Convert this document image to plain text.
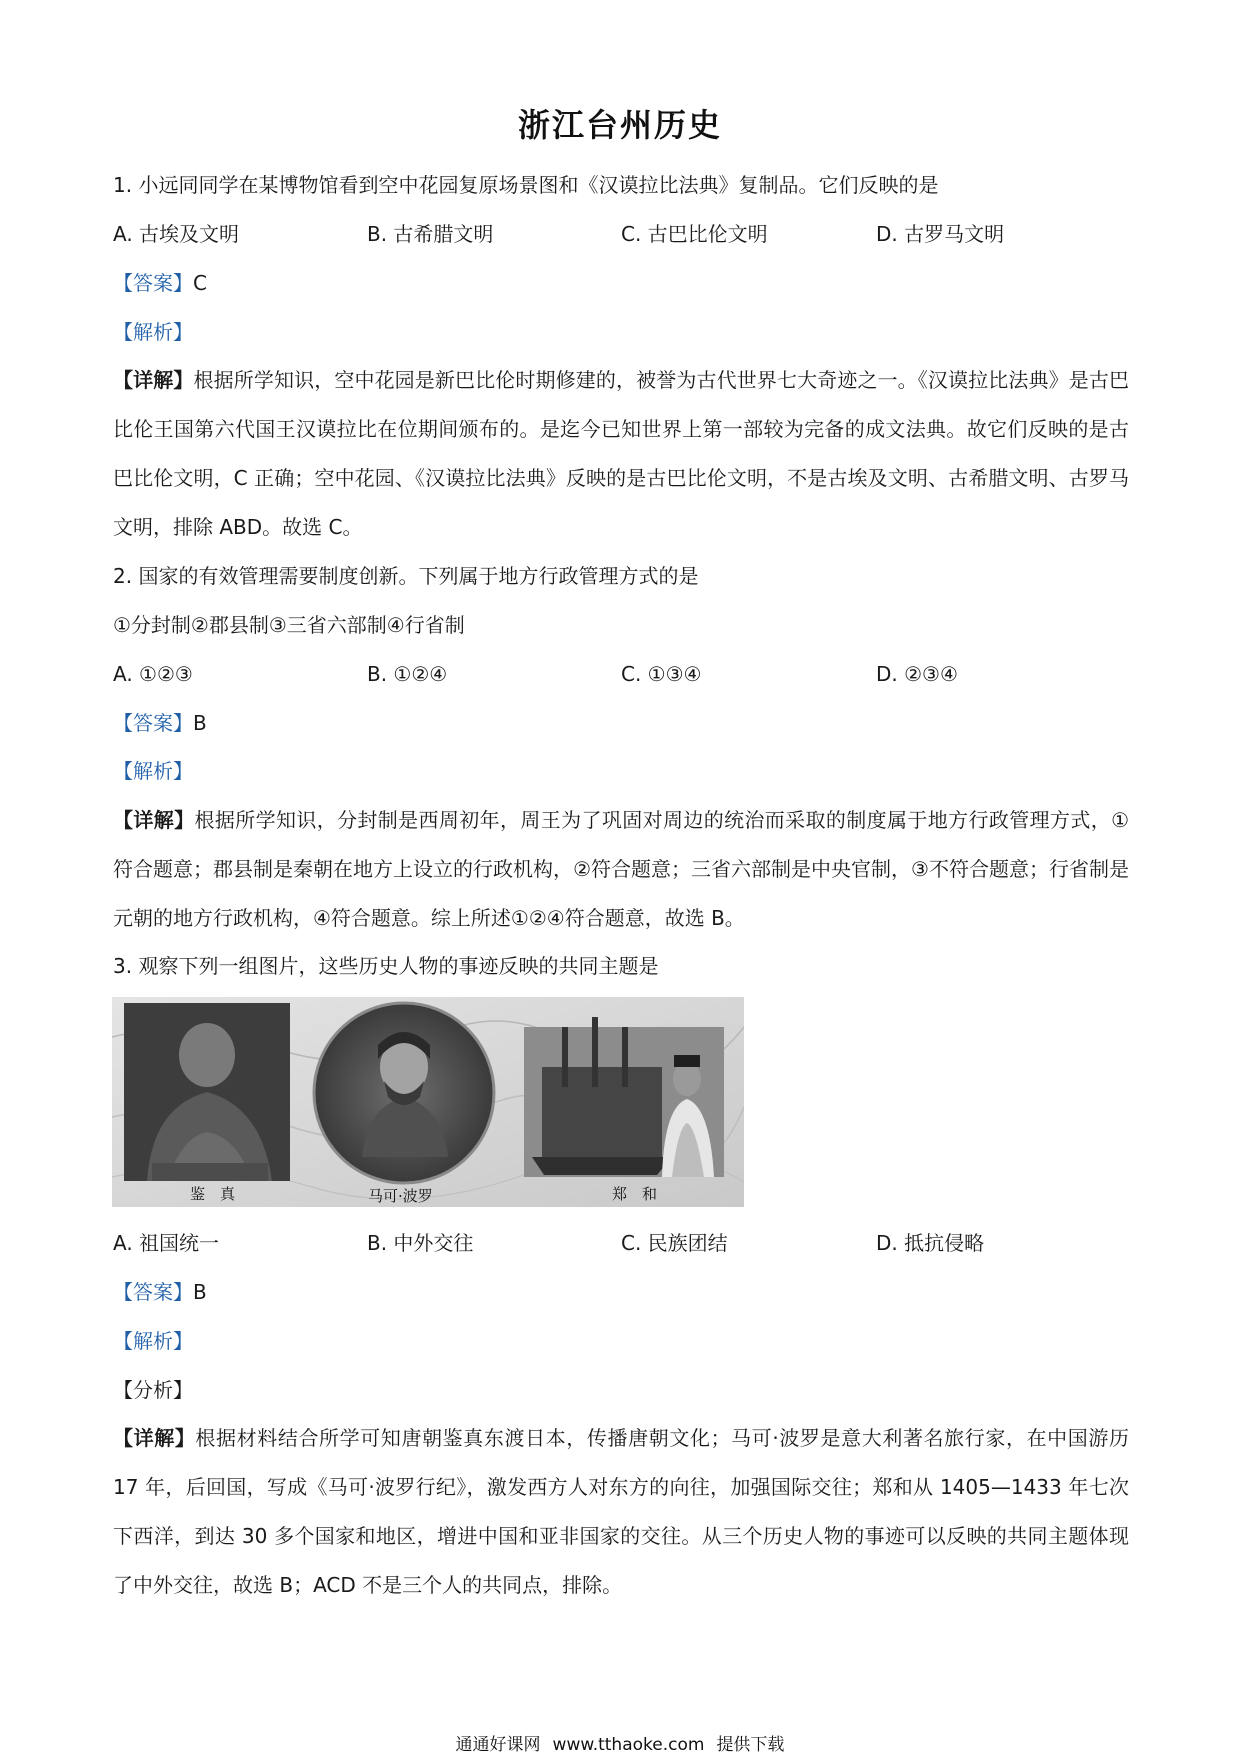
浙江台州历史
1. 小远同同学在某博物馆看到空中花园复原场景图和《汉谟拉比法典》复制品。它们反映的是
A. 古埃及文明	B. 古希腊文明	C. 古巴比伦文明	D. 古罗马文明
【答案】C
【解析】
【详解】根据所学知识，空中花园是新巴比伦时期修建的，被誉为古代世界七大奇迹之一。《汉谟拉比法典》是古巴比伦王国第六代国王汉谟拉比在位期间颁布的。是迄今已知世界上第一部较为完备的成文法典。故它们反映的是古巴比伦文明，C 正确；空中花园、《汉谟拉比法典》反映的是古巴比伦文明，不是古埃及文明、古希腊文明、古罗马文明，排除 ABD。故选 C。
2. 国家的有效管理需要制度创新。下列属于地方行政管理方式的是
①分封制②郡县制③三省六部制④行省制
A. ①②③	B. ①②④	C. ①③④	D. ②③④
【答案】B
【解析】
【详解】根据所学知识，分封制是西周初年，周王为了巩固对周边的统治而采取的制度属于地方行政管理方式，①符合题意；郡县制是秦朝在地方上设立的行政机构，②符合题意；三省六部制是中央官制，③不符合题意；行省制是元朝的地方行政机构，④符合题意。综上所述①②④符合题意，故选 B。
3. 观察下列一组图片，这些历史人物的事迹反映的共同主题是
鉴　真	马可·波罗	郑　和
A. 祖国统一	B. 中外交往	C. 民族团结	D. 抵抗侵略
【答案】B
【解析】
【分析】
【详解】根据材料结合所学可知唐朝鉴真东渡日本，传播唐朝文化；马可·波罗是意大利著名旅行家，在中国游历 17 年，后回国，写成《马可·波罗行纪》，激发西方人对东方的向往，加强国际交往；郑和从 1405—1433 年七次下西洋，到达 30 多个国家和地区，增进中国和亚非国家的交往。从三个历史人物的事迹可以反映的共同主题体现了中外交往，故选 B；ACD 不是三个人的共同点，排除。
通通好课网 www.tthaoke.com 提供下载
